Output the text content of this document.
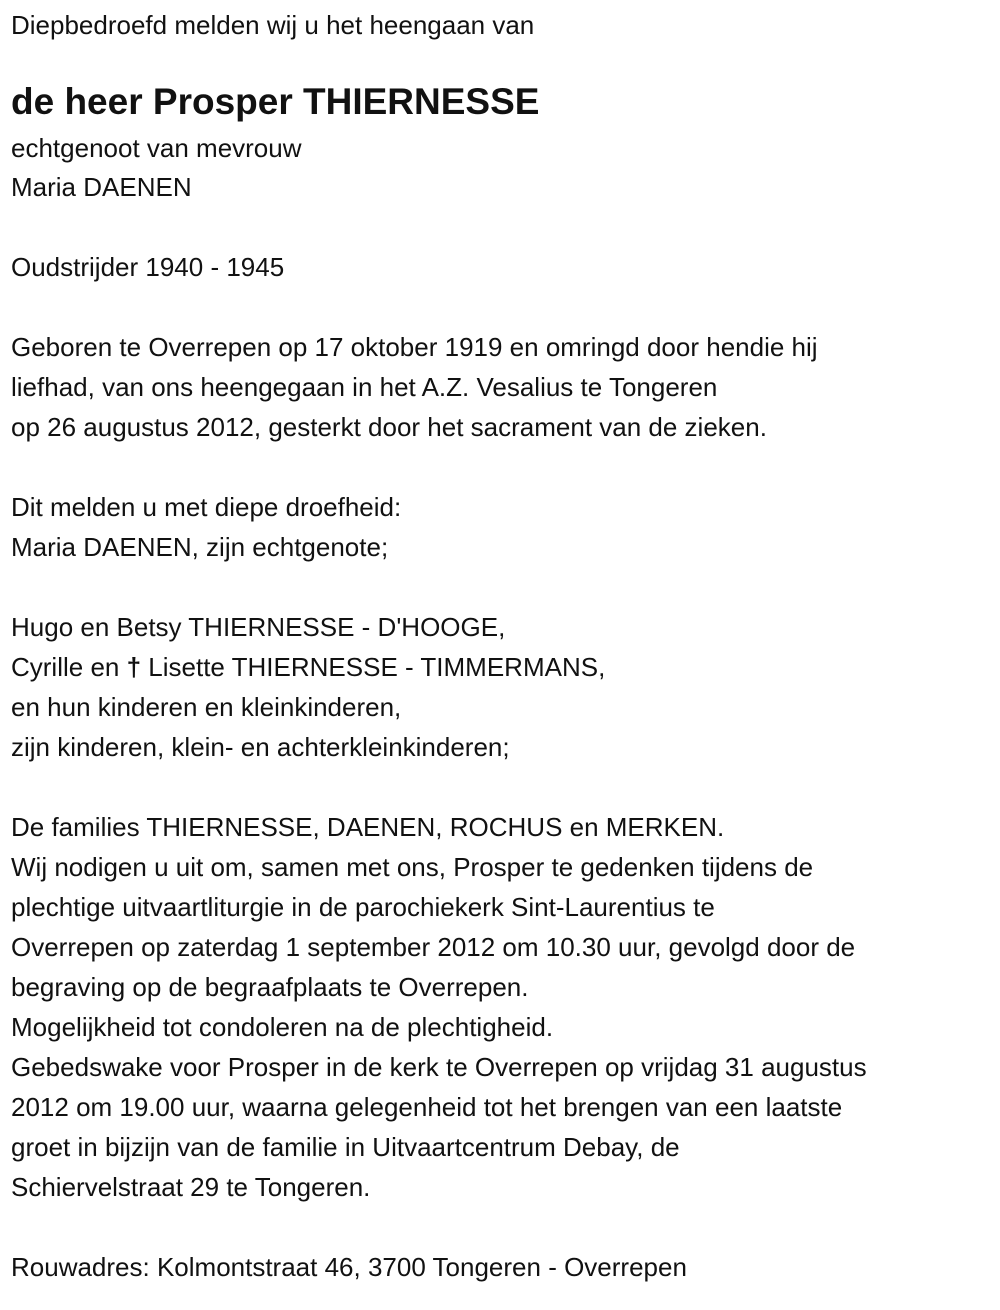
Diepbedroefd melden wij u het heengaan van
de heer Prosper THIERNESSE
echtgenoot van mevrouw
Maria DAENEN
Oudstrijder 1940 - 1945
Geboren te Overrepen op 17 oktober 1919 en omringd door hendie hij
liefhad, van ons heengegaan in het A.Z. Vesalius te Tongeren
op 26 augustus 2012, gesterkt door het sacrament van de zieken.
Dit melden u met diepe droefheid:
Maria DAENEN, zijn echtgenote;
Hugo en Betsy THIERNESSE - D'HOOGE,
Cyrille en † Lisette THIERNESSE - TIMMERMANS,
en hun kinderen en kleinkinderen,
zijn kinderen, klein- en achterkleinkinderen;
De families THIERNESSE, DAENEN, ROCHUS en MERKEN.
Wij nodigen u uit om, samen met ons, Prosper te gedenken tijdens de
plechtige uitvaartliturgie in de parochiekerk Sint-Laurentius te
Overrepen op zaterdag 1 september 2012 om 10.30 uur, gevolgd door de
begraving op de begraafplaats te Overrepen.
Mogelijkheid tot condoleren na de plechtigheid.
Gebedswake voor Prosper in de kerk te Overrepen op vrijdag 31 augustus
2012 om 19.00 uur, waarna gelegenheid tot het brengen van een laatste
groet in bijzijn van de familie in Uitvaartcentrum Debay, de
Schiervelstraat 29 te Tongeren.
Rouwadres: Kolmontstraat 46, 3700 Tongeren - Overrepen
